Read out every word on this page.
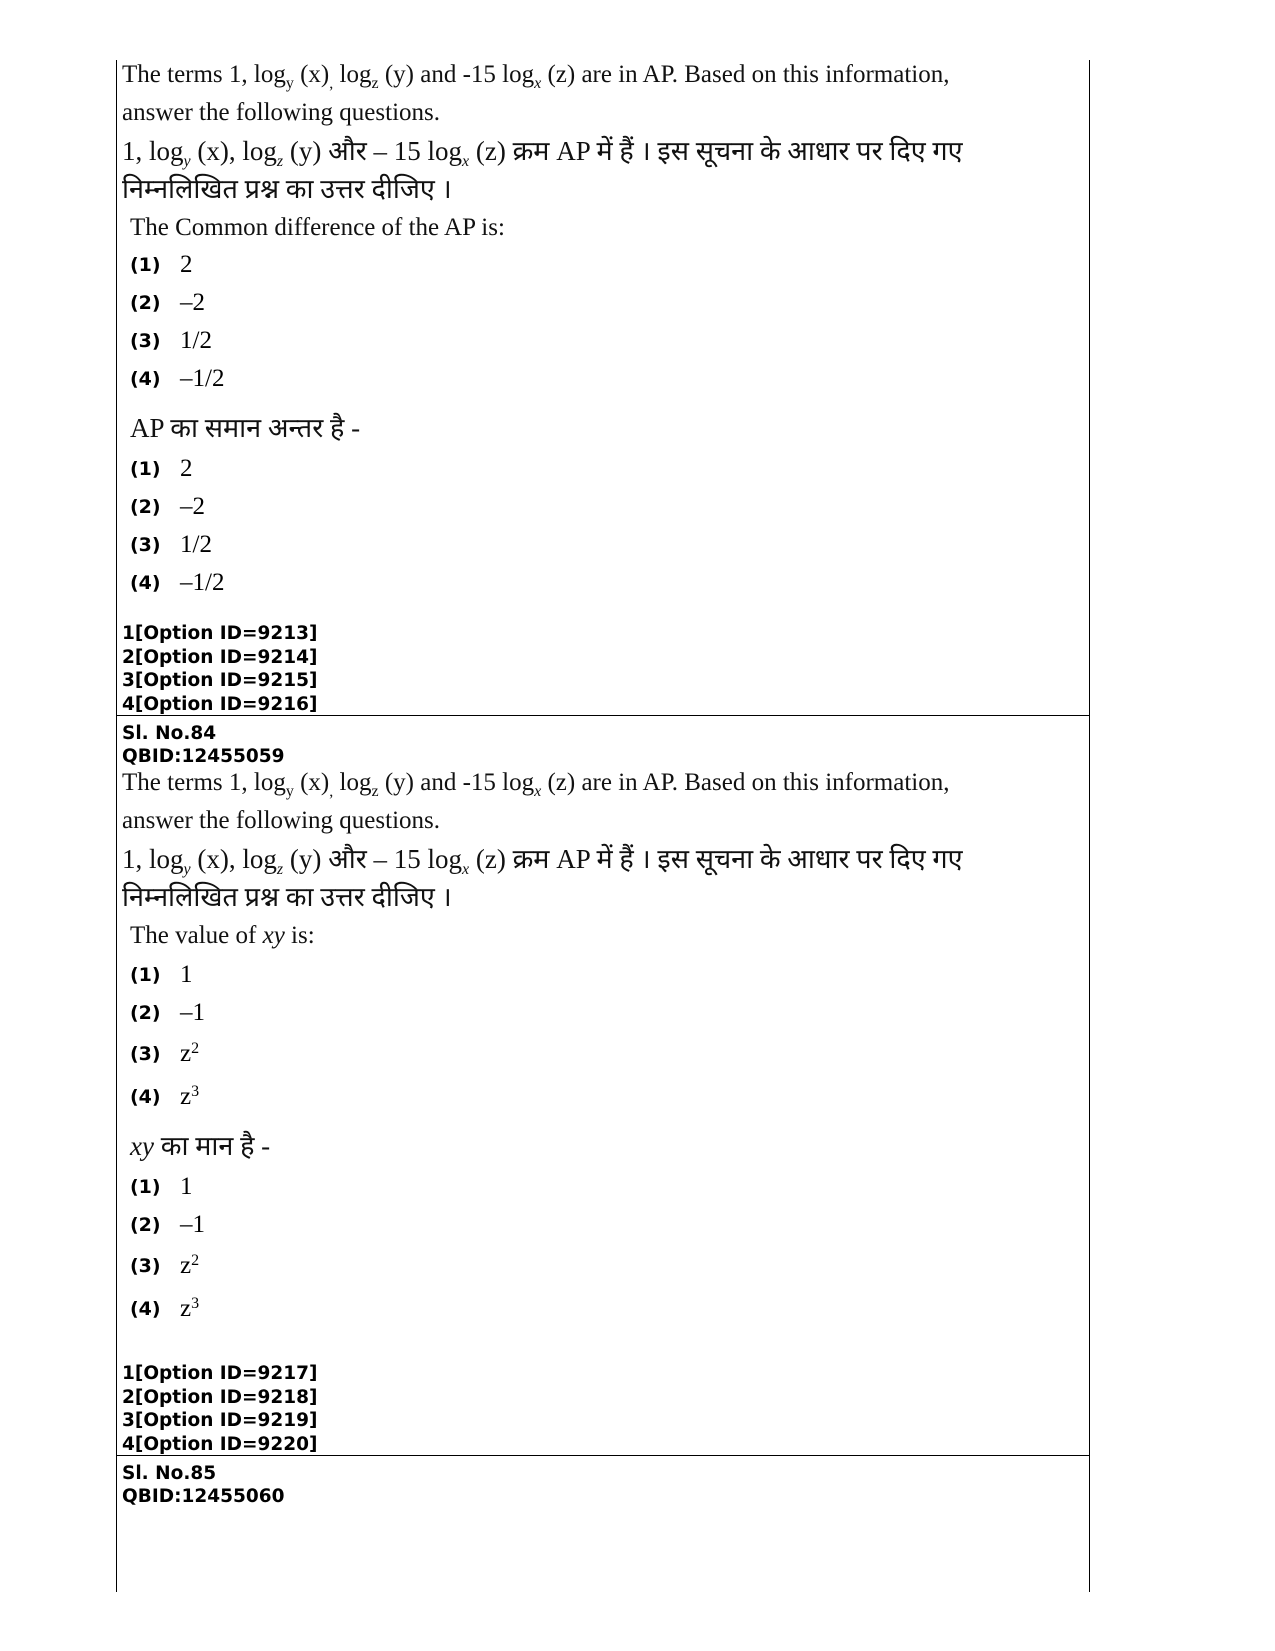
The terms 1, $\log_y (x)_,$ $\log_z (y)$ and -15 $\log_x (z)$ are in AP. Based on this information,
answer the following questions.
1, $\log_y (x)$, $\log_z (y)$ और – 15 $\log_x (z)$ क्रम AP में हैं । इस सूचना के आधार पर दिए गए
निम्नलिखित प्रश्न का उत्तर दीजिए ।
The Common difference of the AP is:
(1) 2
(2) –2
(3) 1/2
(4) –1/2
AP का समान अन्तर है -
(1) 2
(2) –2
(3) 1/2
(4) –1/2
1[Option ID=9213]
2[Option ID=9214]
3[Option ID=9215]
4[Option ID=9216]
Sl. No.84
QBID:12455059
The terms 1, $\log_y (x)_,$ $\log_z (y)$ and -15 $\log_x (z)$ are in AP. Based on this information,
answer the following questions.
1, $\log_y (x)$, $\log_z (y)$ और – 15 $\log_x (z)$ क्रम AP में हैं । इस सूचना के आधार पर दिए गए
निम्नलिखित प्रश्न का उत्तर दीजिए ।
The value of xy is:
(1) 1
(2) –1
(3) $z^2$
(4) $z^3$
xy का मान है -
(1) 1
(2) –1
(3) $z^2$
(4) $z^3$
1[Option ID=9217]
2[Option ID=9218]
3[Option ID=9219]
4[Option ID=9220]
Sl. No.85
QBID:12455060
